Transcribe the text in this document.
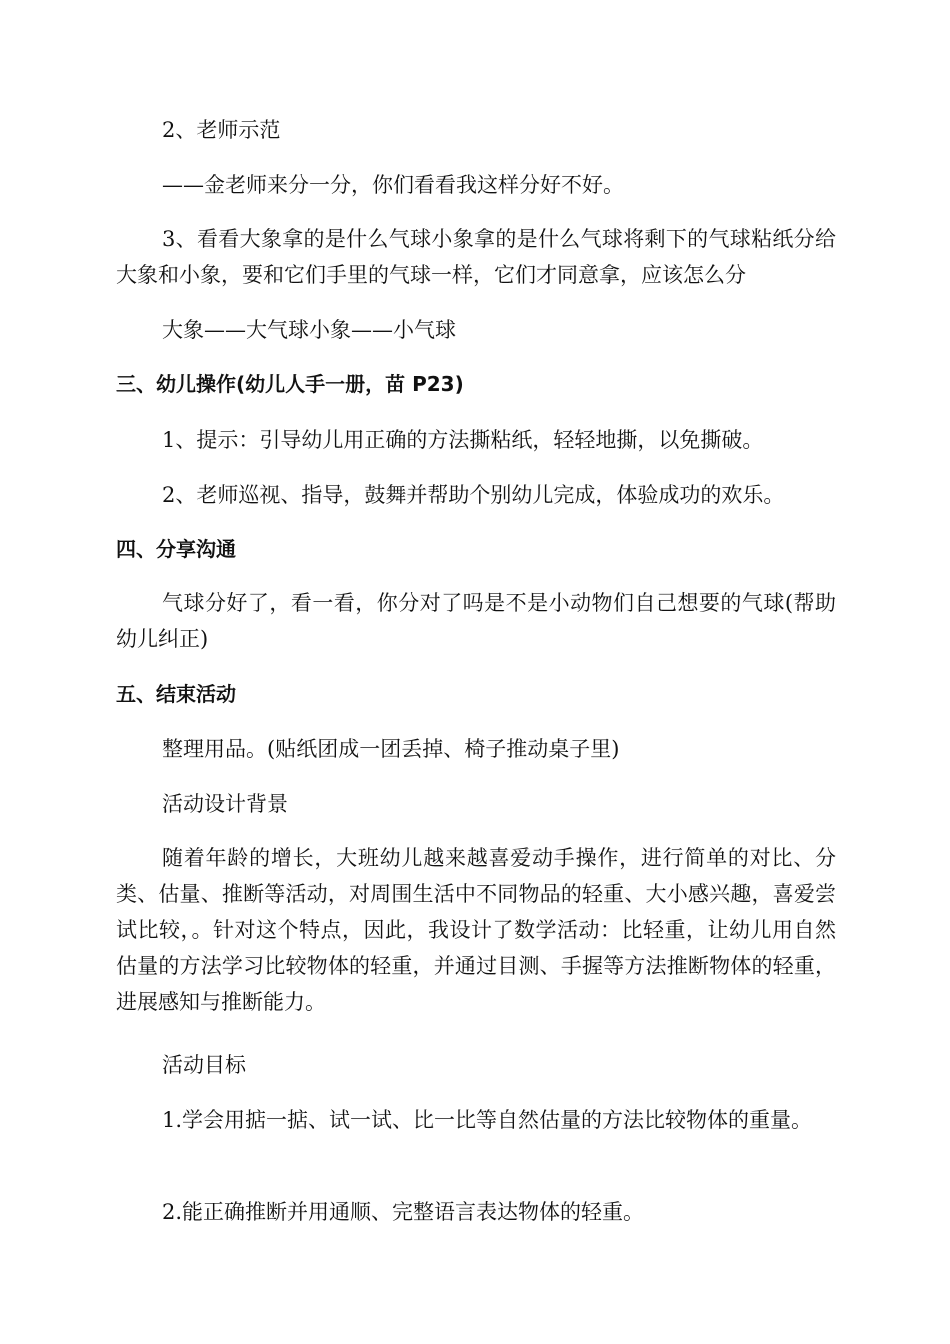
2、老师示范
——金老师来分一分，你们看看我这样分好不好。
3、看看大象拿的是什么气球小象拿的是什么气球将剩下的气球粘纸分给大象和小象，要和它们手里的气球一样，它们才同意拿，应该怎么分
大象——大气球小象——小气球
三、幼儿操作(幼儿人手一册，苗 P23)
1、提示：引导幼儿用正确的方法撕粘纸，轻轻地撕，以免撕破。
2、老师巡视、指导，鼓舞并帮助个别幼儿完成，体验成功的欢乐。
四、分享沟通
气球分好了，看一看，你分对了吗是不是小动物们自己想要的气球(帮助幼儿纠正)
五、结束活动
整理用品。(贴纸团成一团丢掉、椅子推动桌子里)
活动设计背景
随着年龄的增长，大班幼儿越来越喜爱动手操作，进行简单的对比、分类、估量、推断等活动，对周围生活中不同物品的轻重、大小感兴趣，喜爱尝试比较，。针对这个特点，因此，我设计了数学活动：比轻重，让幼儿用自然估量的方法学习比较物体的轻重，并通过目测、手握等方法推断物体的轻重，进展感知与推断能力。
活动目标
1.学会用掂一掂、试一试、比一比等自然估量的方法比较物体的重量。
2.能正确推断并用通顺、完整语言表达物体的轻重。
